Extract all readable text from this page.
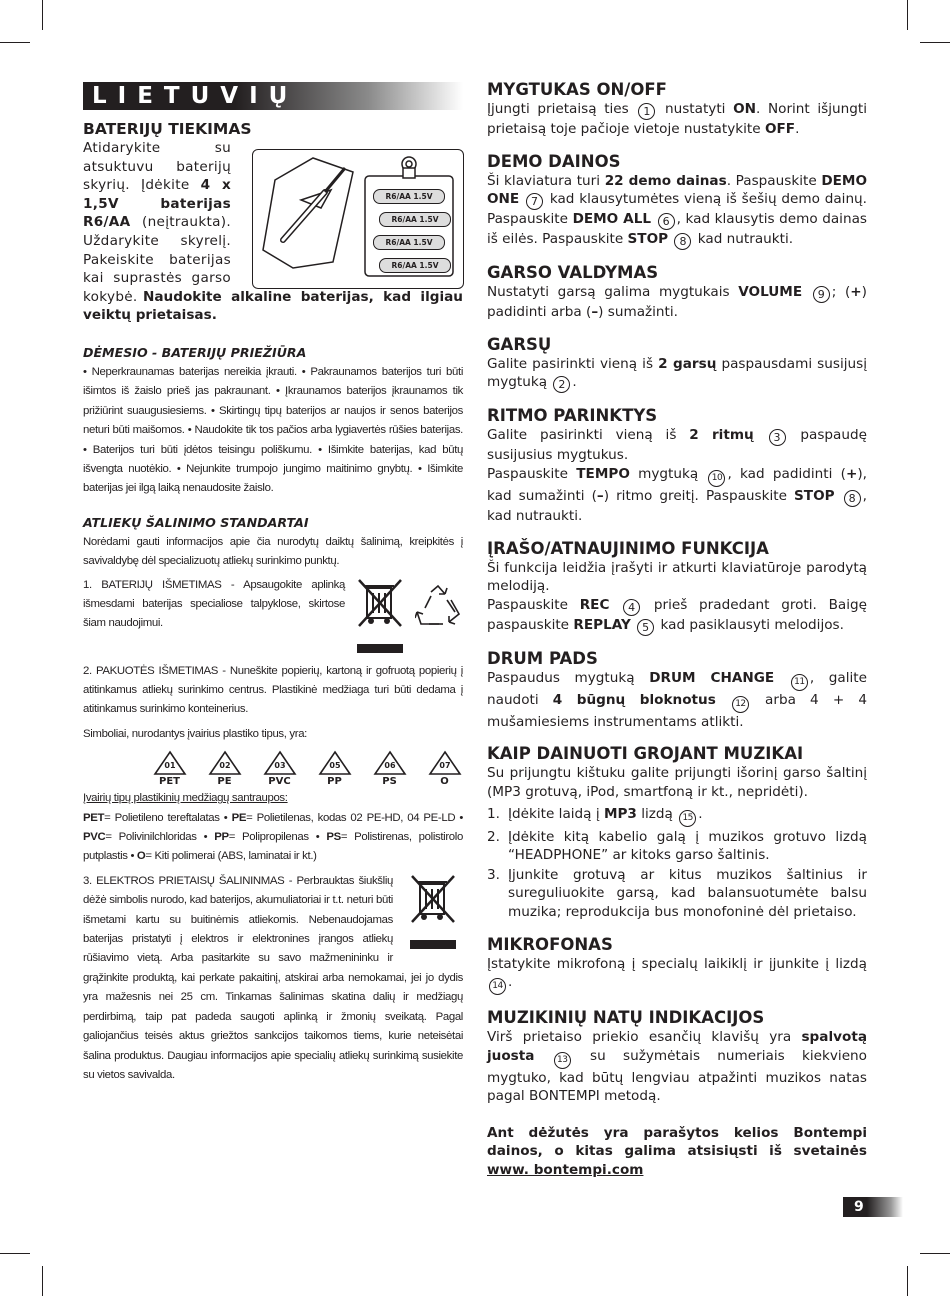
LIETUVIŲ
BATERIJŲ TIEKIMAS

Atidarykite su atsuktuvu baterijų skyrių. Įdėkite 4 x 1,5V baterijas R6/AA (neįtraukta). Uždarykite skyrelį. Pakeiskite baterijas kai suprastės garso kokybė. Naudokite alkaline baterijas, kad ilgiau veiktų prietaisas.

DĖMESIO - BATERIJŲ PRIEŽIŪRA
• Neperkraunamas baterijas nereikia įkrauti. • Pakraunamos baterijos turi būti išimtos iš žaislo prieš jas pakraunant. • Įkraunamos baterijos įkraunamos tik prižiūrint suaugusiesiems. • Skirtingų tipų baterijos ar naujos ir senos baterijos neturi būti maišomos. • Naudokite tik tos pačios arba lygiavertės rūšies baterijas. • Baterijos turi būti įdėtos teisingu poliškumu. • Išimkite baterijas, kad būtų išvengta nuotėkio. • Nejunkite trumpojo jungimo maitinimo gnybtų. • Išimkite baterijas jei ilgą laiką nenaudosite žaislo.
ATLIEKŲ ŠALINIMO STANDARTAI
Norėdami gauti informacijos apie čia nurodytų daiktų šalinimą, kreipkitės į savivaldybę dėl specializuotų atliekų surinkimo punktų.
1. BATERIJŲ IŠMETIMAS - Apsaugokite aplinką išmesdami baterijas specialiose talpyklose, skirtose šiam naudojimui.
2. PAKUOTĖS IŠMETIMAS - Nuneškite popierių, kartoną ir gofruotą popierių į atitinkamus atliekų surinkimo centrus. Plastikinė medžiaga turi būti dedama į atitinkamus surinkimo konteinerius.
Simboliai, nurodantys įvairius plastiko tipus, yra:
01
PET
02
PE
03
PVC
05
PP
06
PS
07
O
Įvairių tipų plastikinių medžiagų santraupos:
PET= Polietileno tereftalatas • PE= Polietilenas, kodas 02 PE-HD, 04 PE-LD • PVC= Polivinilchloridas • PP= Polipropilenas • PS= Polistirenas, polistirolo putplastis • O= Kiti polimerai (ABS, laminatai ir kt.)
3. ELEKTROS PRIETAISŲ ŠALININMAS - Perbrauktas šiukšlių dėžė simbolis nurodo, kad baterijos, akumuliatoriai ir t.t. neturi būti išmetami kartu su buitinėmis atliekomis. Nebenaudojamas baterijas pristatyti į elektros ir elektronines įrangos atliekų rūšiavimo vietą. Arba pasitarkite su savo mažmenininku ir grąžinkite produktą, kai perkate pakaitinį, atskirai arba nemokamai, jei jo dydis yra mažesnis nei 25 cm. Tinkamas šalinimas skatina dalių ir medžiagų perdirbimą, taip pat padeda saugoti aplinką ir žmonių sveikatą. Pagal galiojančius teisės aktus griežtos sankcijos taikomos tiems, kurie neteisėtai šalina produktus. Daugiau informacijos apie specialių atliekų surinkimą susiekite su vietos savivalda.
R6/AA 1.5V
R6/AA 1.5V
R6/AA 1.5V
R6/AA 1.5V
MYGTUKAS ON/OFF

Įjungti prietaisą ties 1 nustatyti ON. Norint išjungti prietaisą toje pačioje vietoje nustatykite OFF.

DEMO DAINOS

Ši klaviatura turi 22 demo dainas. Paspauskite DEMO ONE 7 kad klausytumėtes vieną iš šešių demo dainų. Paspauskite DEMO ALL 6 , kad klausytis demo dainas iš eilės. Paspauskite STOP 8 kad nutraukti.

GARSO VALDYMAS

Nustatyti garsą galima mygtukais VOLUME 9 ; (+) padidinti arba (–) sumažinti.

GARSŲ

Galite pasirinkti vieną iš 2 garsų paspausdami susijusį mygtuką 2 .

RITMO PARINKTYS

Galite pasirinkti vieną iš 2 ritmų 3 paspaudę susijusius mygtukus.
Paspauskite TEMPO mygtuką 10 , kad padidinti (+), kad sumažinti (–) ritmo greitį. Paspauskite STOP 8 , kad nutraukti.

ĮRAŠO/ATNAUJINIMO FUNKCIJA

Ši funkcija leidžia įrašyti ir atkurti klaviatūroje parodytą melodiją.
Paspauskite REC 4 prieš pradedant groti. Baigę paspauskite REPLAY 5 kad pasiklausyti melodijos.

DRUM PADS

Paspaudus mygtuką DRUM CHANGE 11 , galite naudoti 4 būgnų bloknotus 12 arba 4 + 4 mušamiesiems instrumentams atlikti.

KAIP DAINUOTI GROJANT MUZIKAI

Su prijungtu kištuku galite prijungti išorinį garso šaltinį (MP3 grotuvą, iPod, smartfoną ir kt., nepridėti).

1. Įdėkite laidą į MP3 lizdą 15 .
2. Įdėkite kitą kabelio galą į muzikos grotuvo lizdą “HEADPHONE” ar kitoks garso šaltinis.
3. Įjunkite grotuvą ar kitus muzikos šaltinius ir sureguliuokite garsą, kad balansuotumėte balsu muzika; reprodukcija bus monofoninė dėl prietaiso.
MIKROFONAS

Įstatykite mikrofoną į specialų laikiklį ir įjunkite į lizdą 14 .

MUZIKINIŲ NATŲ INDIKACIJOS

Virš prietaiso priekio esančių klavišų yra spalvotą juosta	13 su sužymėtais numeriais kiekvieno mygtuko, kad būtų lengviau atpažinti muzikos natas pagal BONTEMPI metodą.

Ant dėžutės yra parašytos kelios Bontempi dainos, o kitas galima atsisiųsti iš svetainės www. bontempi.com

9
